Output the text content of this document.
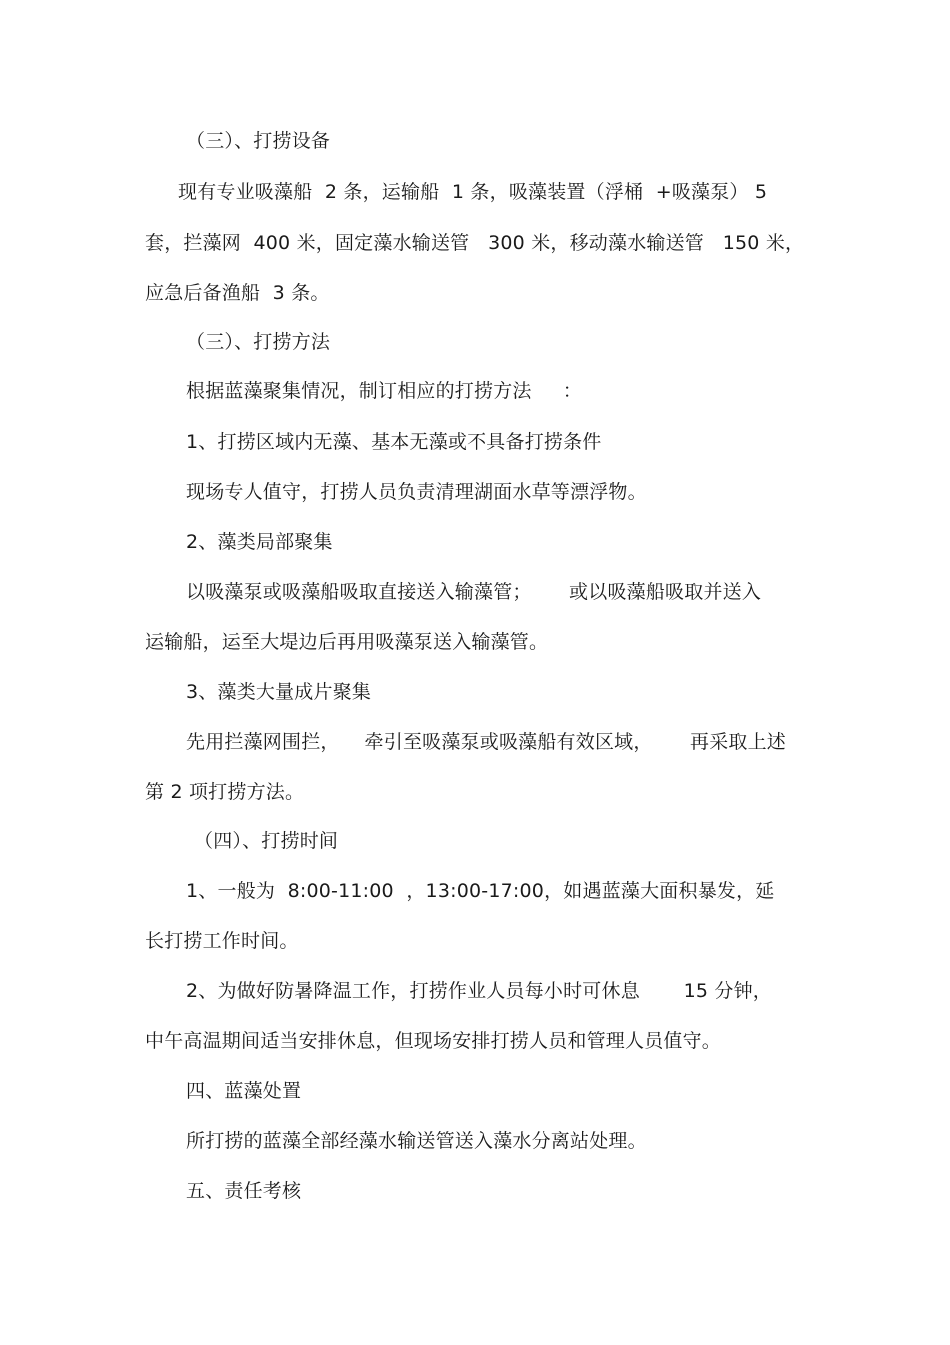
（三）、打捞设备
现有专业吸藻船  2 条，运输船  1 条，吸藻装置（浮桶  +吸藻泵） 5
套，拦藻网  400 米，固定藻水输送管   300 米，移动藻水输送管   150 米，
应急后备渔船  3 条。
（三）、打捞方法
根据蓝藻聚集情况，制订相应的打捞方法     ：
1、打捞区域内无藻、基本无藻或不具备打捞条件
现场专人值守，打捞人员负责清理湖面水草等漂浮物。
2、藻类局部聚集
以吸藻泵或吸藻船吸取直接送入输藻管；      或以吸藻船吸取并送入
运输船，运至大堤边后再用吸藻泵送入输藻管。
3、藻类大量成片聚集
先用拦藻网围拦，    牵引至吸藻泵或吸藻船有效区域，      再采取上述
第 2 项打捞方法。
（四）、打捞时间
1、一般为  8:00-11:00  ，13:00-17:00，如遇蓝藻大面积暴发，延
长打捞工作时间。
2、为做好防暑降温工作，打捞作业人员每小时可休息       15 分钟，
中午高温期间适当安排休息，但现场安排打捞人员和管理人员值守。
四、蓝藻处置
所打捞的蓝藻全部经藻水输送管送入藻水分离站处理。
五、责任考核
